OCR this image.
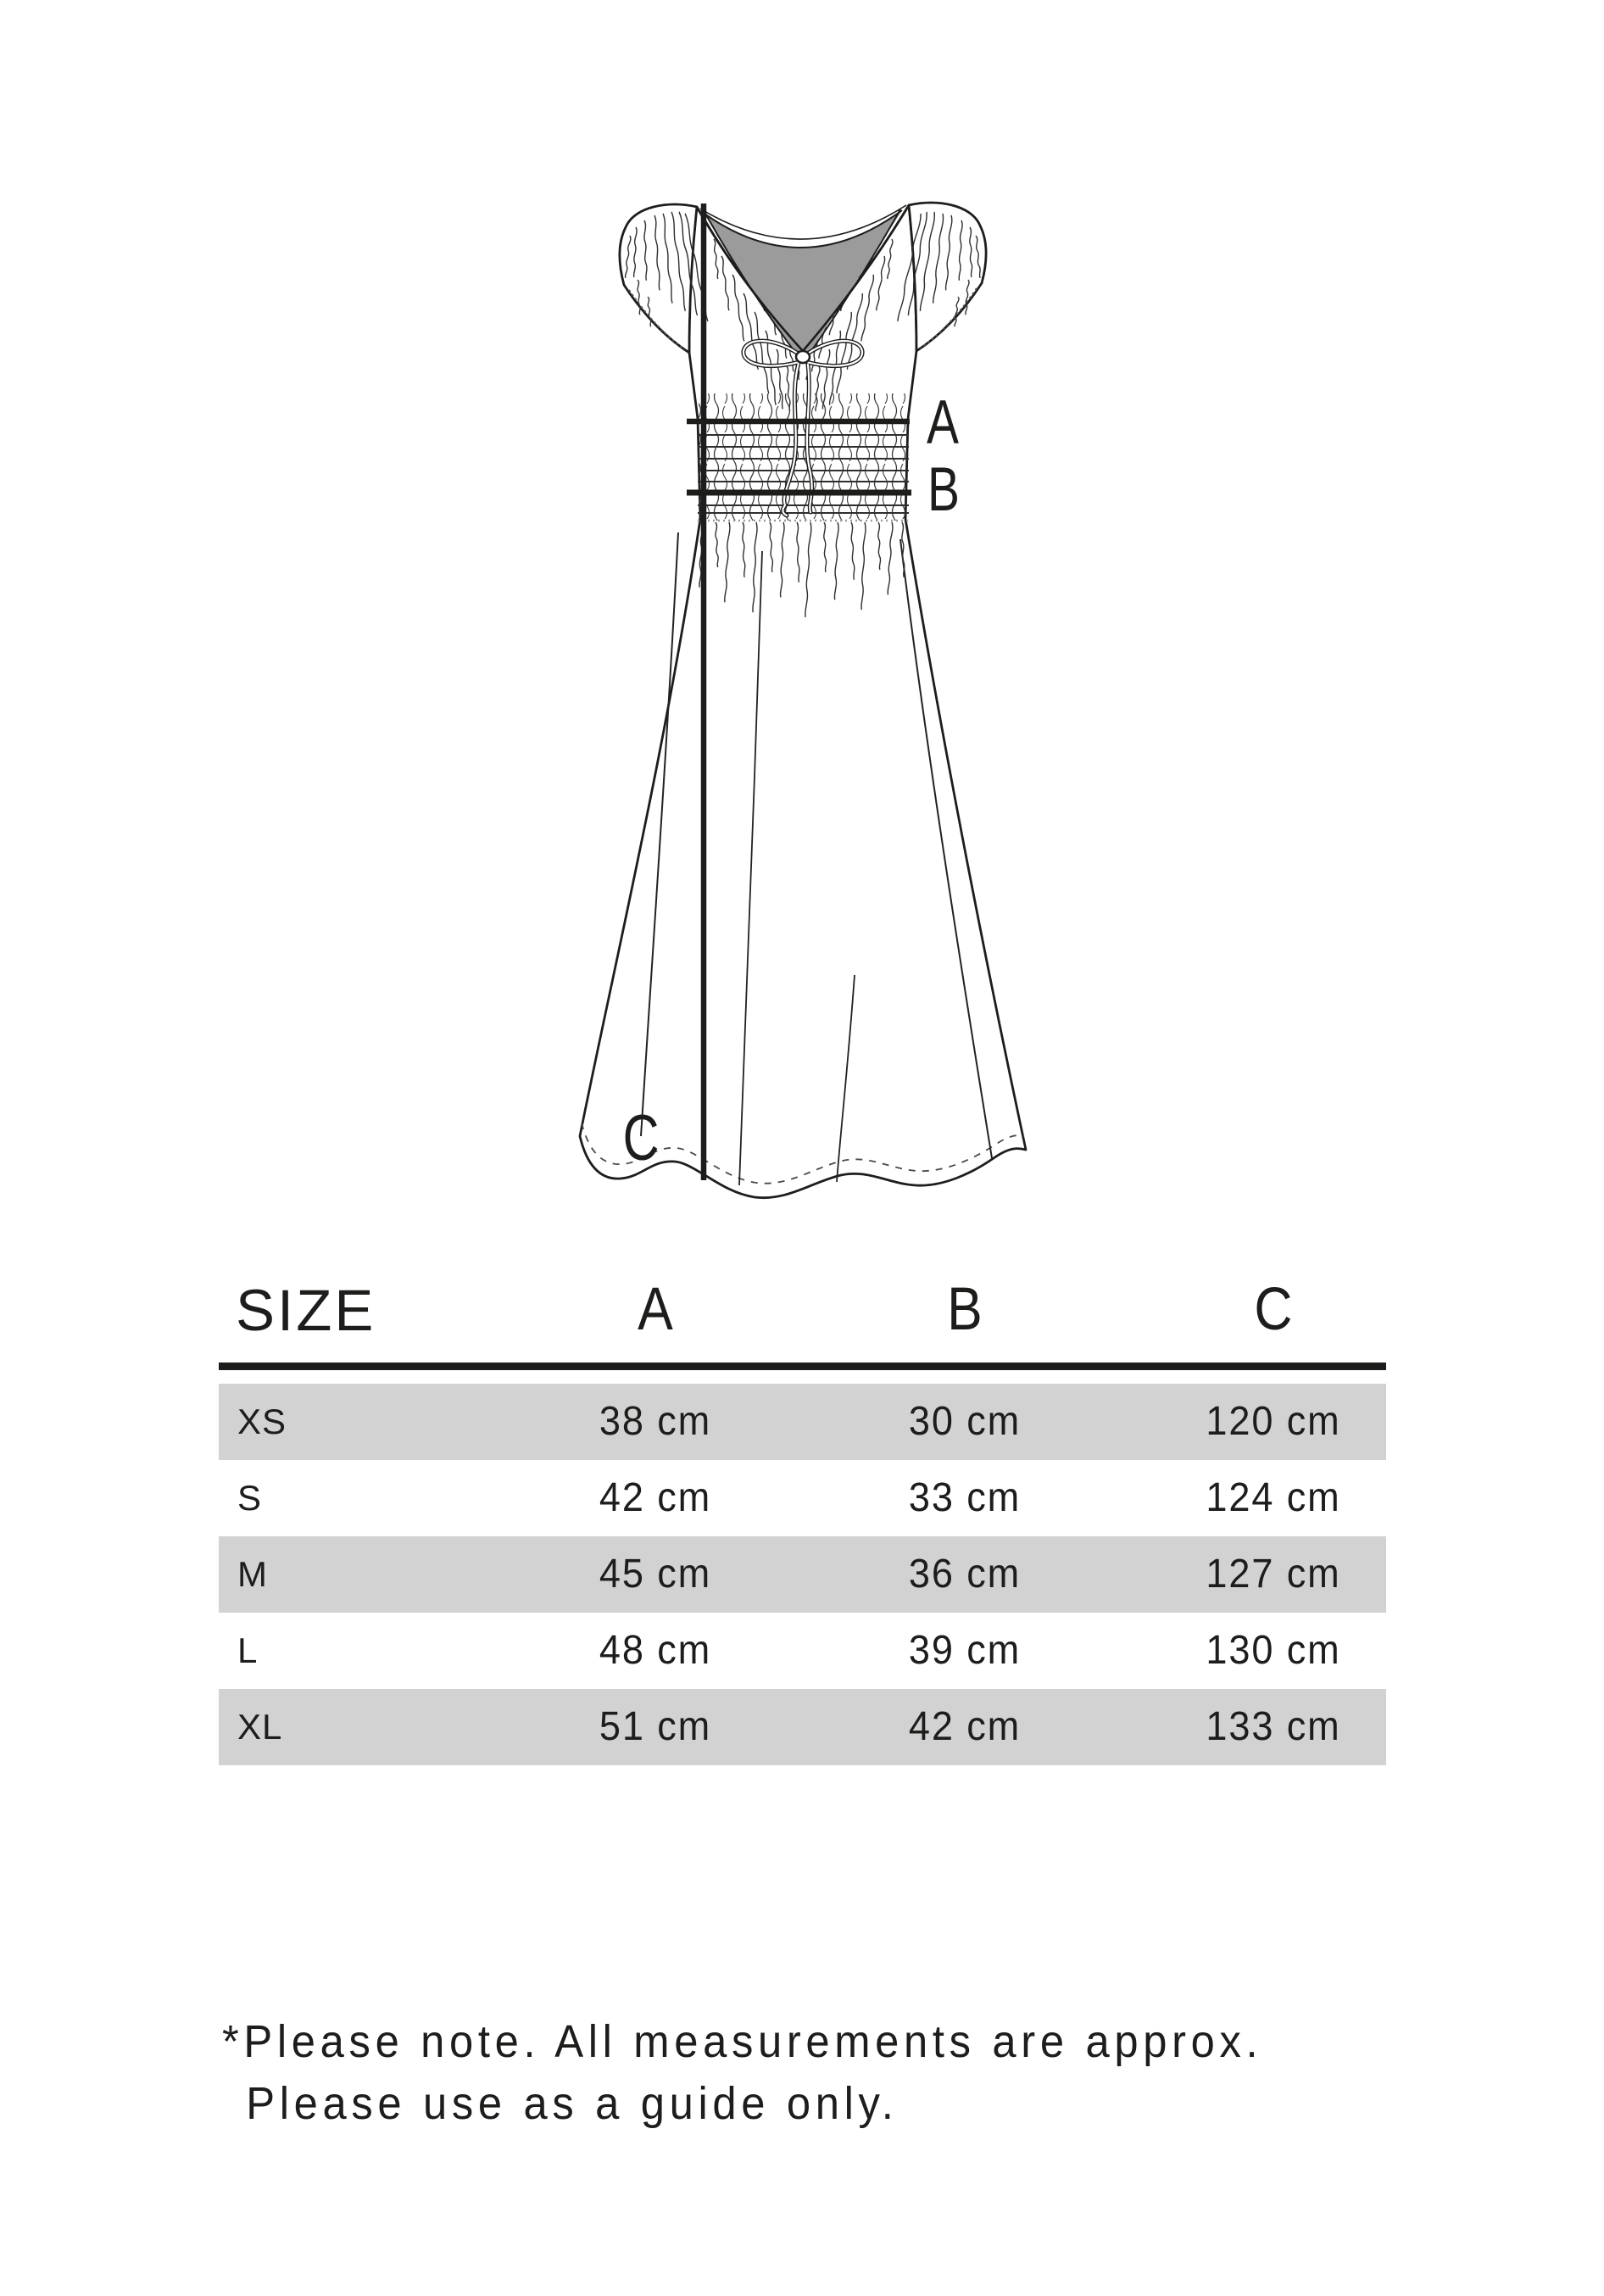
A
B
C
SIZE	A	B	C
XS	38 cm	30 cm	120 cm
S	42 cm	33 cm	124 cm
M	45 cm	36 cm	127 cm
L	48 cm	39 cm	130 cm
XL	51 cm	42 cm	133 cm
*Please note. All measurements are approx.
Please use as a guide only.
